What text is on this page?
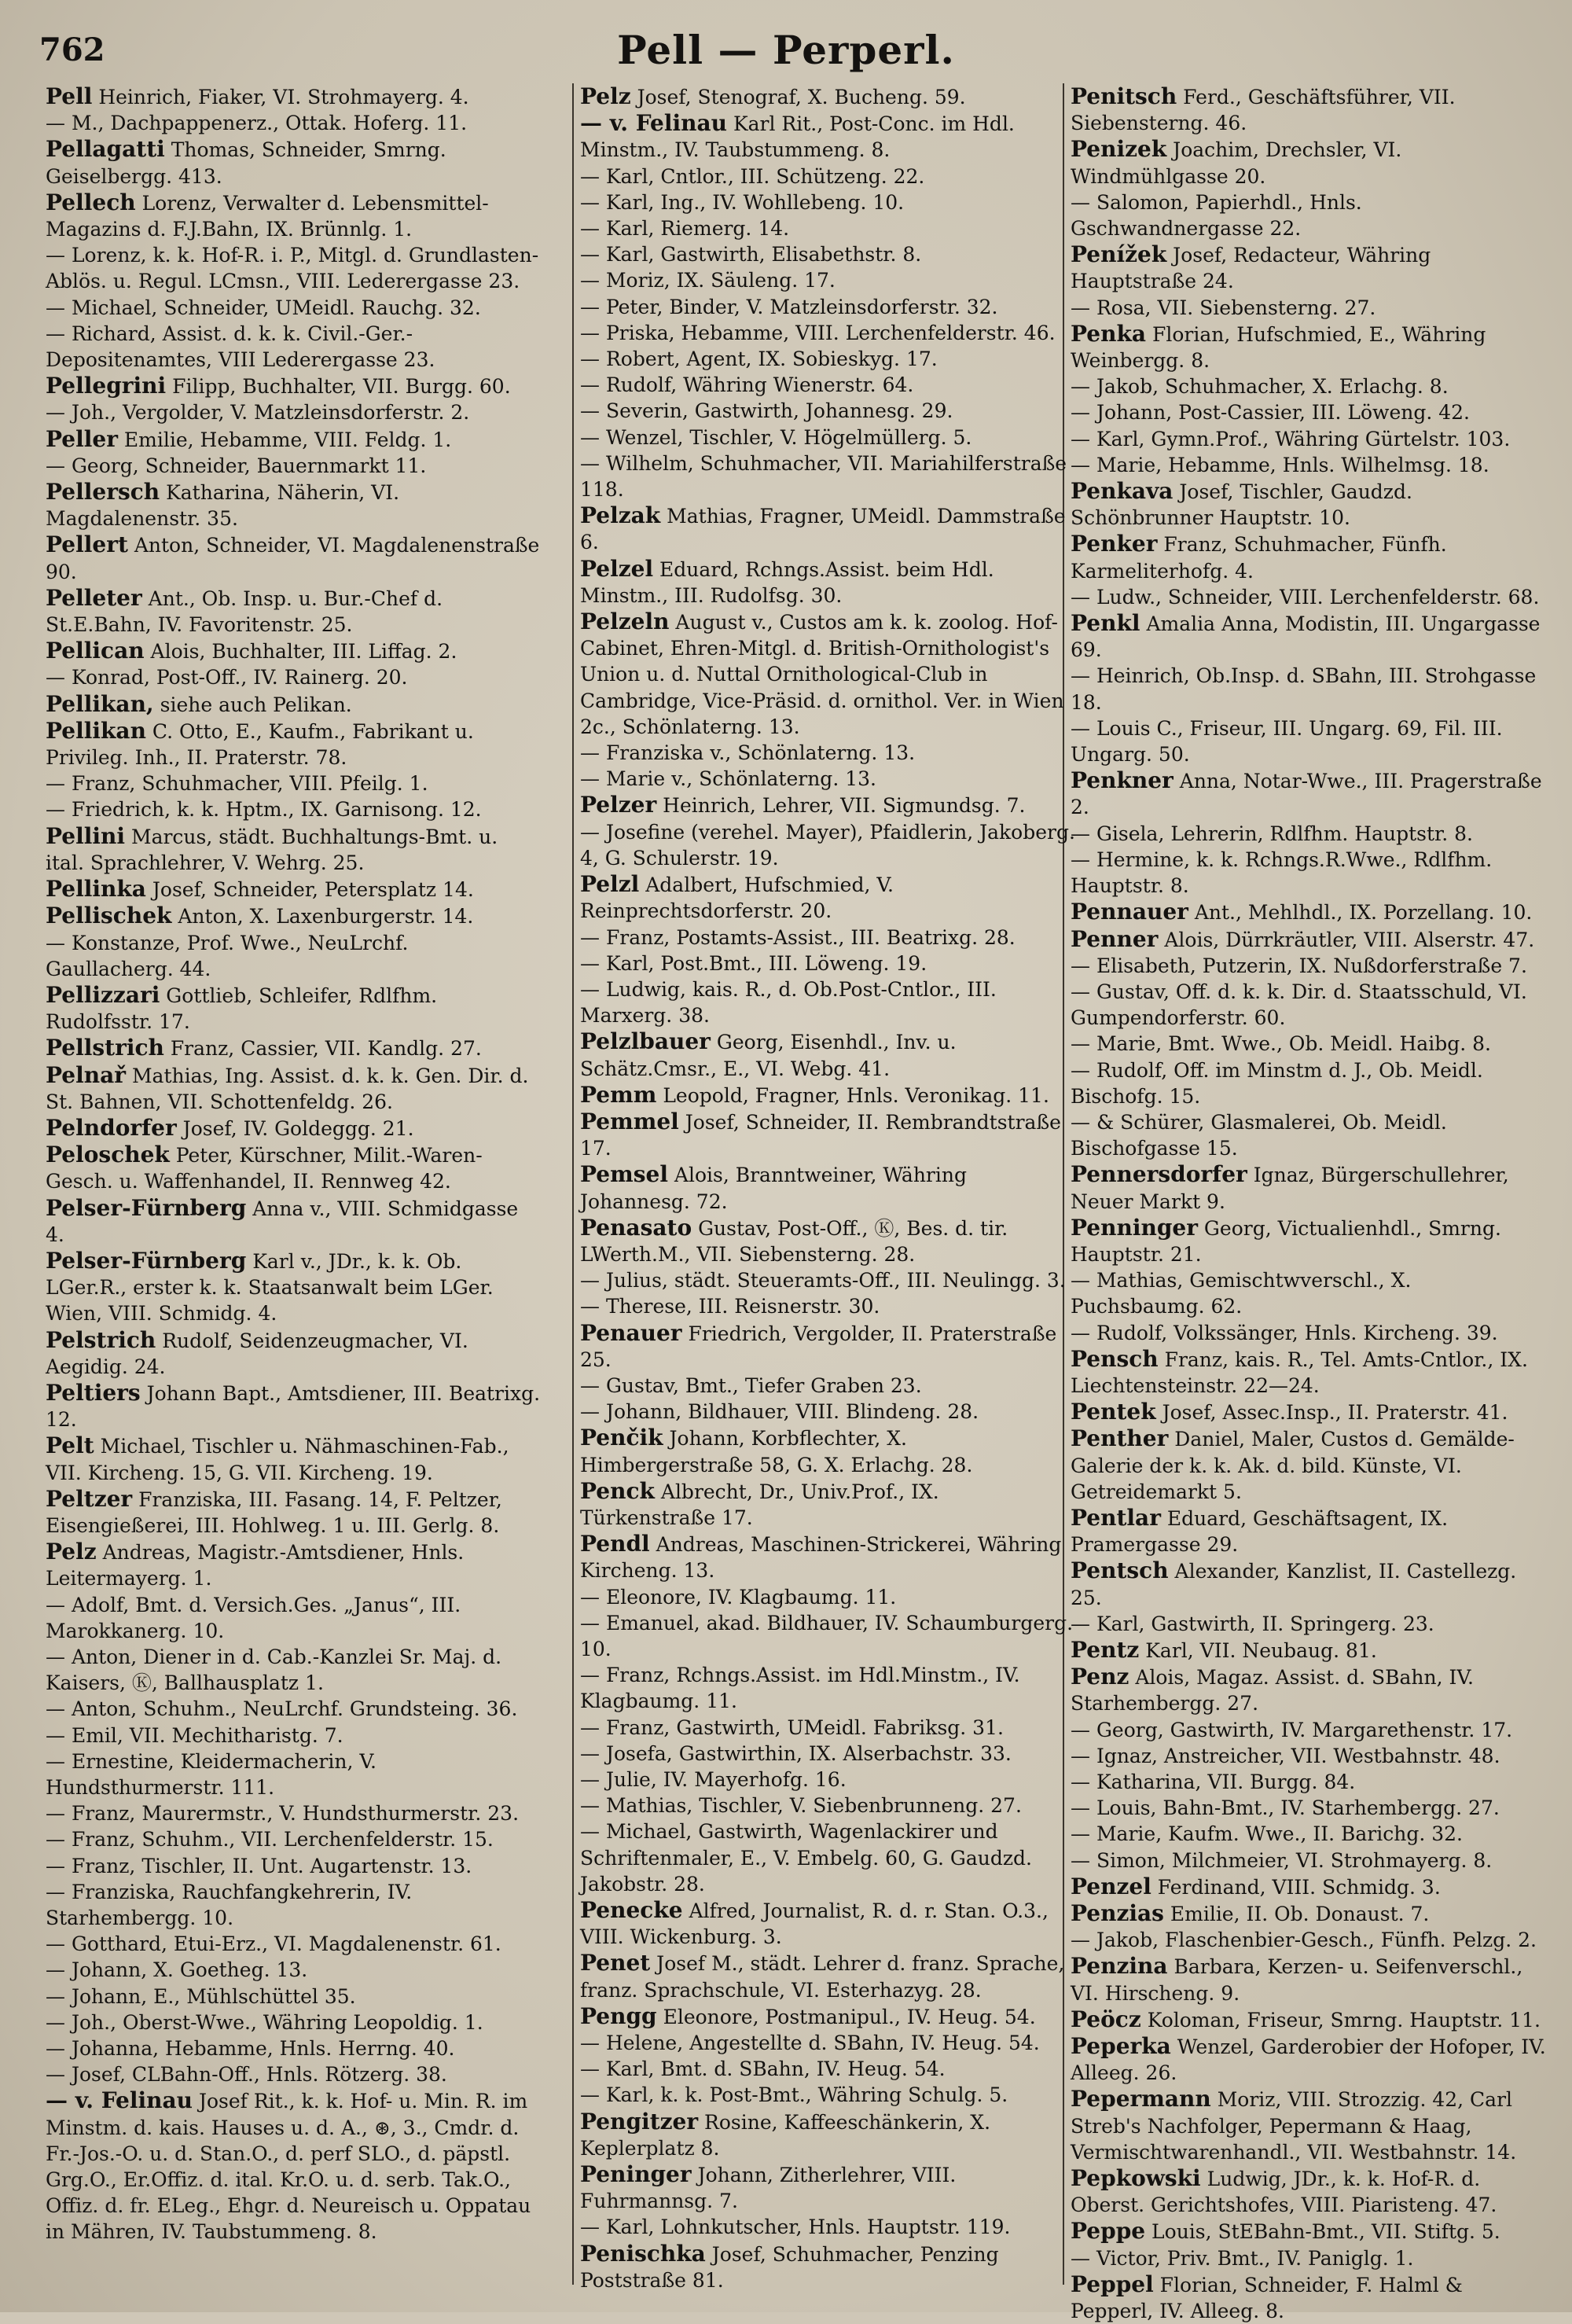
762	Pell — Perperl.
Pell Heinrich, Fiaker, VI. Strohmayerg. 4.
— M., Dachpappenerz., Ottak. Hoferg. 11.
Pellagatti Thomas, Schneider, Smrng. Geiselbergg. 413.
Pellech Lorenz, Verwalter d. Lebensmittel-Magazins d. F.J.Bahn, IX. Brünnlg. 1.
— Lorenz, k. k. Hof-R. i. P., Mitgl. d. Grundlasten-Ablös. u. Regul. LCmsn., VIII. Lederergasse 23.
— Michael, Schneider, UMeidl. Rauchg. 32.
— Richard, Assist. d. k. k. Civil.-Ger.-Depositenamtes, VIII Lederergasse 23.
Pellegrini Filipp, Buchhalter, VII. Burgg. 60.
— Joh., Vergolder, V. Matzleinsdorferstr. 2.
Peller Emilie, Hebamme, VIII. Feldg. 1.
— Georg, Schneider, Bauernmarkt 11.
Pellersch Katharina, Näherin, VI. Magdalenenstr. 35.
Pellert Anton, Schneider, VI. Magdalenenstraße 90.
Pelleter Ant., Ob. Insp. u. Bur.-Chef d. St.E.Bahn, IV. Favoritenstr. 25.
Pellican Alois, Buchhalter, III. Liffag. 2.
— Konrad, Post-Off., IV. Rainerg. 20.
Pellikan, siehe auch Pelikan.
Pellikan C. Otto, E., Kaufm., Fabrikant u. Privileg. Inh., II. Praterstr. 78.
— Franz, Schuhmacher, VIII. Pfeilg. 1.
— Friedrich, k. k. Hptm., IX. Garnisong. 12.
Pellini Marcus, städt. Buchhaltungs-Bmt. u. ital. Sprachlehrer, V. Wehrg. 25.
Pellinka Josef, Schneider, Petersplatz 14.
Pellischek Anton, X. Laxenburgerstr. 14.
— Konstanze, Prof. Wwe., NeuLrchf. Gaullacherg. 44.
Pellizzari Gottlieb, Schleifer, Rdlfhm. Rudolfsstr. 17.
Pellstrich Franz, Cassier, VII. Kandlg. 27.
Pelnař Mathias, Ing. Assist. d. k. k. Gen. Dir. d. St. Bahnen, VII. Schottenfeldg. 26.
Pelndorfer Josef, IV. Goldeggg. 21.
Peloschek Peter, Kürschner, Milit.-Waren-Gesch. u. Waffenhandel, II. Rennweg 42.
Pelser-Fürnberg Anna v., VIII. Schmidgasse 4.
Pelser-Fürnberg Karl v., JDr., k. k. Ob. LGer.R., erster k. k. Staatsanwalt beim LGer. Wien, VIII. Schmidg. 4.
Pelstrich Rudolf, Seidenzeugmacher, VI. Aegidig. 24.
Peltiers Johann Bapt., Amtsdiener, III. Beatrixg. 12.
Pelt Michael, Tischler u. Nähmaschinen-Fab., VII. Kircheng. 15, G. VII. Kircheng. 19.
Peltzer Franziska, III. Fasang. 14, F. Peltzer, Eisengießerei, III. Hohlweg. 1 u. III. Gerlg. 8.
Pelz Andreas, Magistr.-Amtsdiener, Hnls. Leitermayerg. 1.
— Adolf, Bmt. d. Versich.Ges. „Janus“, III. Marokkanerg. 10.
— Anton, Diener in d. Cab.-Kanzlei Sr. Maj. d. Kaisers, Ⓚ, Ballhausplatz 1.
— Anton, Schuhm., NeuLrchf. Grundsteing. 36.
— Emil, VII. Mechitharistg. 7.
— Ernestine, Kleidermacherin, V. Hundsthurmerstr. 111.
— Franz, Maurermstr., V. Hundsthurmerstr. 23.
— Franz, Schuhm., VII. Lerchenfelderstr. 15.
— Franz, Tischler, II. Unt. Augartenstr. 13.
— Franziska, Rauchfangkehrerin, IV. Starhembergg. 10.
— Gotthard, Etui-Erz., VI. Magdalenenstr. 61.
— Johann, X. Goetheg. 13.
— Johann, E., Mühlschüttel 35.
— Joh., Oberst-Wwe., Währing Leopoldig. 1.
— Johanna, Hebamme, Hnls. Herrng. 40.
— Josef, CLBahn-Off., Hnls. Rötzerg. 38.
— v. Felinau Josef Rit., k. k. Hof- u. Min. R. im Minstm. d. kais. Hauses u. d. A., ⊛, 3., Cmdr. d. Fr.-Jos.-O. u. d. Stan.O., d. perf SLO., d. päpstl. Grg.O., Er.Offiz. d. ital. Kr.O. u. d. serb. Tak.O., Offiz. d. fr. ELeg., Ehgr. d. Neureisch u. Oppatau in Mähren, IV. Taubstummeng. 8.
Pelz Josef, Stenograf, X. Bucheng. 59.
— v. Felinau Karl Rit., Post-Conc. im Hdl. Minstm., IV. Taubstummeng. 8.
— Karl, Cntlor., III. Schützeng. 22.
— Karl, Ing., IV. Wohllebeng. 10.
— Karl, Riemerg. 14.
— Karl, Gastwirth, Elisabethstr. 8.
— Moriz, IX. Säuleng. 17.
— Peter, Binder, V. Matzleinsdorferstr. 32.
— Priska, Hebamme, VIII. Lerchenfelderstr. 46.
— Robert, Agent, IX. Sobieskyg. 17.
— Rudolf, Währing Wienerstr. 64.
— Severin, Gastwirth, Johannesg. 29.
— Wenzel, Tischler, V. Högelmüllerg. 5.
— Wilhelm, Schuhmacher, VII. Mariahilferstraße 118.
Pelzak Mathias, Fragner, UMeidl. Dammstraße 6.
Pelzel Eduard, Rchngs.Assist. beim Hdl. Minstm., III. Rudolfsg. 30.
Pelzeln August v., Custos am k. k. zoolog. Hof-Cabinet, Ehren-Mitgl. d. British-Ornithologist's Union u. d. Nuttal Ornithological-Club in Cambridge, Vice-Präsid. d. ornithol. Ver. in Wien 2c., Schönlaterng. 13.
— Franziska v., Schönlaterng. 13.
— Marie v., Schönlaterng. 13.
Pelzer Heinrich, Lehrer, VII. Sigmundsg. 7.
— Josefine (verehel. Mayer), Pfaidlerin, Jakoberg. 4, G. Schulerstr. 19.
Pelzl Adalbert, Hufschmied, V. Reinprechtsdorferstr. 20.
— Franz, Postamts-Assist., III. Beatrixg. 28.
— Karl, Post.Bmt., III. Löweng. 19.
— Ludwig, kais. R., d. Ob.Post-Cntlor., III. Marxerg. 38.
Pelzlbauer Georg, Eisenhdl., Inv. u. Schätz.Cmsr., E., VI. Webg. 41.
Pemm Leopold, Fragner, Hnls. Veronikag. 11.
Pemmel Josef, Schneider, II. Rembrandtstraße 17.
Pemsel Alois, Branntweiner, Währing Johannesg. 72.
Penasato Gustav, Post-Off., Ⓚ, Bes. d. tir. LWerth.M., VII. Siebensterng. 28.
— Julius, städt. Steueramts-Off., III. Neulingg. 3.
— Therese, III. Reisnerstr. 30.
Penauer Friedrich, Vergolder, II. Praterstraße 25.
— Gustav, Bmt., Tiefer Graben 23.
— Johann, Bildhauer, VIII. Blindeng. 28.
Penčik Johann, Korbflechter, X. Himbergerstraße 58, G. X. Erlachg. 28.
Penck Albrecht, Dr., Univ.Prof., IX. Türkenstraße 17.
Pendl Andreas, Maschinen-Strickerei, Währing Kircheng. 13.
— Eleonore, IV. Klagbaumg. 11.
— Emanuel, akad. Bildhauer, IV. Schaumburgerg. 10.
— Franz, Rchngs.Assist. im Hdl.Minstm., IV. Klagbaumg. 11.
— Franz, Gastwirth, UMeidl. Fabriksg. 31.
— Josefa, Gastwirthin, IX. Alserbachstr. 33.
— Julie, IV. Mayerhofg. 16.
— Mathias, Tischler, V. Siebenbrunneng. 27.
— Michael, Gastwirth, Wagenlackirer und Schriftenmaler, E., V. Embelg. 60, G. Gaudzd. Jakobstr. 28.
Penecke Alfred, Journalist, R. d. r. Stan. O.3., VIII. Wickenburg. 3.
Penet Josef M., städt. Lehrer d. franz. Sprache, franz. Sprachschule, VI. Esterhazyg. 28.
Pengg Eleonore, Postmanipul., IV. Heug. 54.
— Helene, Angestellte d. SBahn, IV. Heug. 54.
— Karl, Bmt. d. SBahn, IV. Heug. 54.
— Karl, k. k. Post-Bmt., Währing Schulg. 5.
Pengitzer Rosine, Kaffeeschänkerin, X. Keplerplatz 8.
Peninger Johann, Zitherlehrer, VIII. Fuhrmannsg. 7.
— Karl, Lohnkutscher, Hnls. Hauptstr. 119.
Penischka Josef, Schuhmacher, Penzing Poststraße 81.
Penitsch Ferd., Geschäftsführer, VII. Siebensterng. 46.
Penizek Joachim, Drechsler, VI. Windmühlgasse 20.
— Salomon, Papierhdl., Hnls. Gschwandnergasse 22.
Penížek Josef, Redacteur, Währing Hauptstraße 24.
— Rosa, VII. Siebensterng. 27.
Penka Florian, Hufschmied, E., Währing Weinbergg. 8.
— Jakob, Schuhmacher, X. Erlachg. 8.
— Johann, Post-Cassier, III. Löweng. 42.
— Karl, Gymn.Prof., Währing Gürtelstr. 103.
— Marie, Hebamme, Hnls. Wilhelmsg. 18.
Penkava Josef, Tischler, Gaudzd. Schönbrunner Hauptstr. 10.
Penker Franz, Schuhmacher, Fünfh. Karmeliterhofg. 4.
— Ludw., Schneider, VIII. Lerchenfelderstr. 68.
Penkl Amalia Anna, Modistin, III. Ungargasse 69.
— Heinrich, Ob.Insp. d. SBahn, III. Strohgasse 18.
— Louis C., Friseur, III. Ungarg. 69, Fil. III. Ungarg. 50.
Penkner Anna, Notar-Wwe., III. Pragerstraße 2.
— Gisela, Lehrerin, Rdlfhm. Hauptstr. 8.
— Hermine, k. k. Rchngs.R.Wwe., Rdlfhm. Hauptstr. 8.
Pennauer Ant., Mehlhdl., IX. Porzellang. 10.
Penner Alois, Dürrkräutler, VIII. Alserstr. 47.
— Elisabeth, Putzerin, IX. Nußdorferstraße 7.
— Gustav, Off. d. k. k. Dir. d. Staatsschuld, VI. Gumpendorferstr. 60.
— Marie, Bmt. Wwe., Ob. Meidl. Haibg. 8.
— Rudolf, Off. im Minstm d. J., Ob. Meidl. Bischofg. 15.
— & Schürer, Glasmalerei, Ob. Meidl. Bischofgasse 15.
Pennersdorfer Ignaz, Bürgerschullehrer, Neuer Markt 9.
Penninger Georg, Victualienhdl., Smrng. Hauptstr. 21.
— Mathias, Gemischtwverschl., X. Puchsbaumg. 62.
— Rudolf, Volkssänger, Hnls. Kircheng. 39.
Pensch Franz, kais. R., Tel. Amts-Cntlor., IX. Liechtensteinstr. 22—24.
Pentek Josef, Assec.Insp., II. Praterstr. 41.
Penther Daniel, Maler, Custos d. Gemälde-Galerie der k. k. Ak. d. bild. Künste, VI. Getreidemarkt 5.
Pentlar Eduard, Geschäftsagent, IX. Pramergasse 29.
Pentsch Alexander, Kanzlist, II. Castellezg. 25.
— Karl, Gastwirth, II. Springerg. 23.
Pentz Karl, VII. Neubaug. 81.
Penz Alois, Magaz. Assist. d. SBahn, IV. Starhembergg. 27.
— Georg, Gastwirth, IV. Margarethenstr. 17.
— Ignaz, Anstreicher, VII. Westbahnstr. 48.
— Katharina, VII. Burgg. 84.
— Louis, Bahn-Bmt., IV. Starhembergg. 27.
— Marie, Kaufm. Wwe., II. Barichg. 32.
— Simon, Milchmeier, VI. Strohmayerg. 8.
Penzel Ferdinand, VIII. Schmidg. 3.
Penzias Emilie, II. Ob. Donaust. 7.
— Jakob, Flaschenbier-Gesch., Fünfh. Pelzg. 2.
Penzina Barbara, Kerzen- u. Seifenverschl., VI. Hirscheng. 9.
Peöcz Koloman, Friseur, Smrng. Hauptstr. 11.
Peperka Wenzel, Garderobier der Hofoper, IV. Alleeg. 26.
Pepermann Moriz, VIII. Strozzig. 42, Carl Streb's Nachfolger, Pepermann & Haag, Vermischtwarenhandl., VII. Westbahnstr. 14.
Pepkowski Ludwig, JDr., k. k. Hof-R. d. Oberst. Gerichtshofes, VIII. Piaristeng. 47.
Peppe Louis, StEBahn-Bmt., VII. Stiftg. 5.
— Victor, Priv. Bmt., IV. Paniglg. 1.
Peppel Florian, Schneider, F. Halml & Pepperl, IV. Alleeg. 8.
